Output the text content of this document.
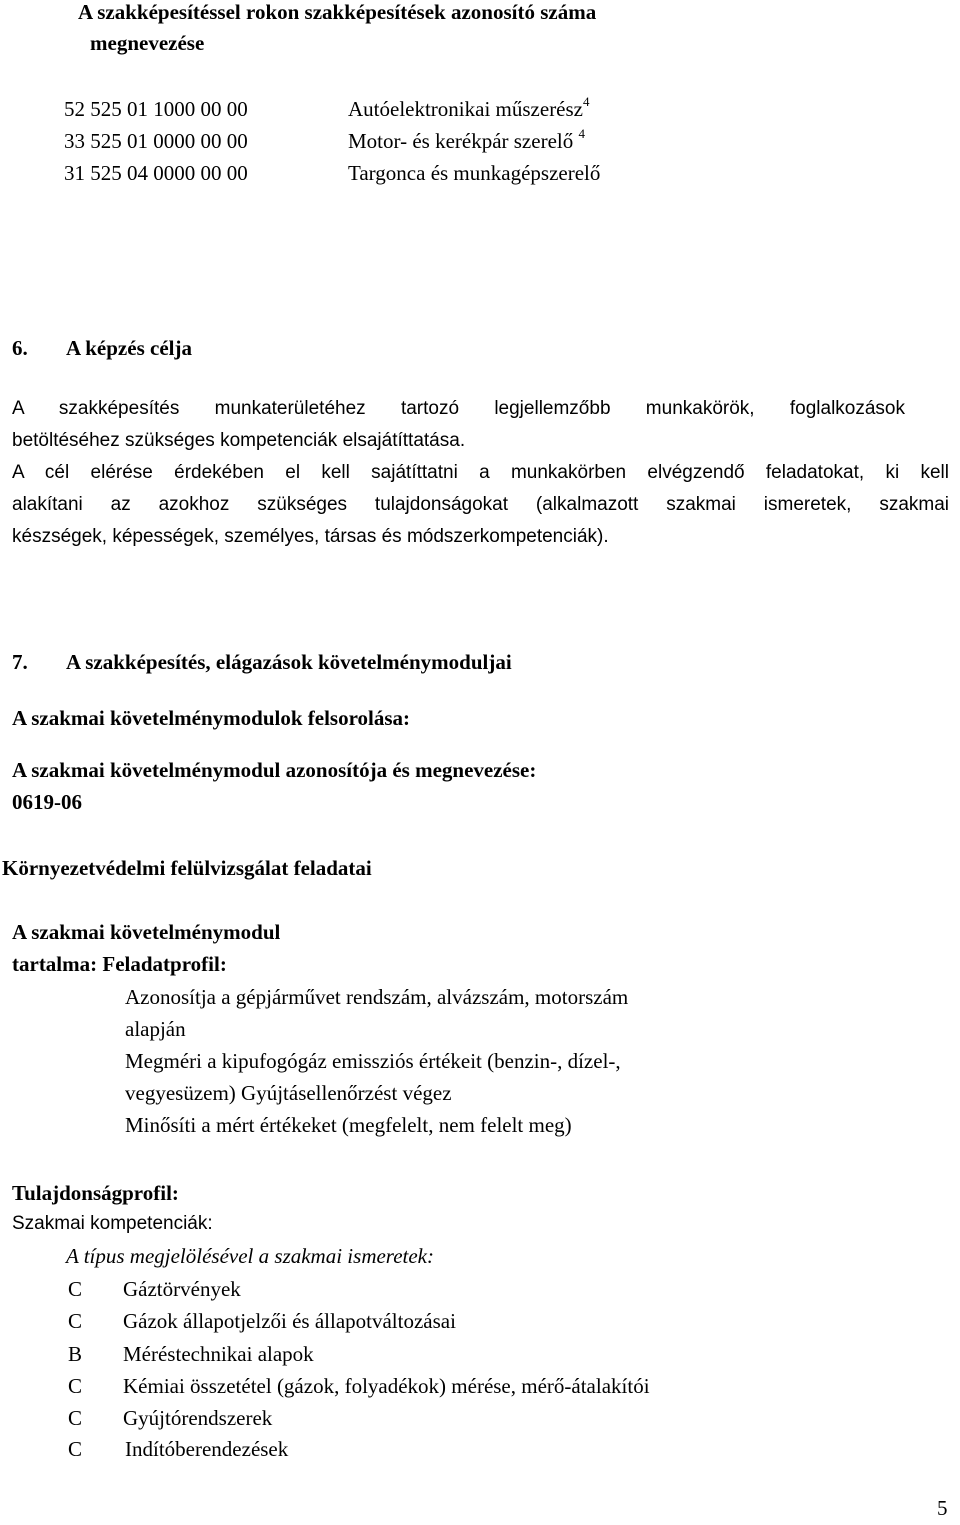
A szakképesítéssel rokon szakképesítések azonosító száma
megnevezése
52 525 01 1000 00 00	Autóelektronikai műszerész$^4$
33 525 01 0000 00 00	Motor- és kerékpár szerelő $^4$
31 525 04 0000 00 00	Targonca és munkagépszerelő
6. A képzés célja
A szakképesítés munkaterületéhez tartozó legjellemzőbb munkakörök, foglalkozások
betöltéséhez szükséges kompetenciák elsajátíttatása.
A cél elérése érdekében el kell sajátíttatni a munkakörben elvégzendő feladatokat, ki kell
alakítani az azokhoz szükséges tulajdonságokat (alkalmazott szakmai ismeretek, szakmai
készségek, képességek, személyes, társas és módszerkompetenciák).
7. A szakképesítés, elágazások követelménymoduljai
A szakmai követelménymodulok felsorolása:
A szakmai követelménymodul azonosítója és megnevezése:
0619-06
Környezetvédelmi felülvizsgálat feladatai
A szakmai követelménymodul
tartalma: Feladatprofil:
Azonosítja a gépjárművet rendszám, alvázszám, motorszám
alapján
Megméri a kipufogógáz emissziós értékeit (benzin-, dízel-,
vegyesüzem) Gyújtásellenőrzést végez
Minősíti a mért értékeket (megfelelt, nem felelt meg)
Tulajdonságprofil:
Szakmai kompetenciák:
A típus megjelölésével a szakmai ismeretek:
C Gáztörvények
C Gázok állapotjelzői és állapotváltozásai
B Méréstechnikai alapok
C Kémiai összetétel (gázok, folyadékok) mérése, mérő-átalakítói
C Gyújtórendszerek
C Indítóberendezések
5
